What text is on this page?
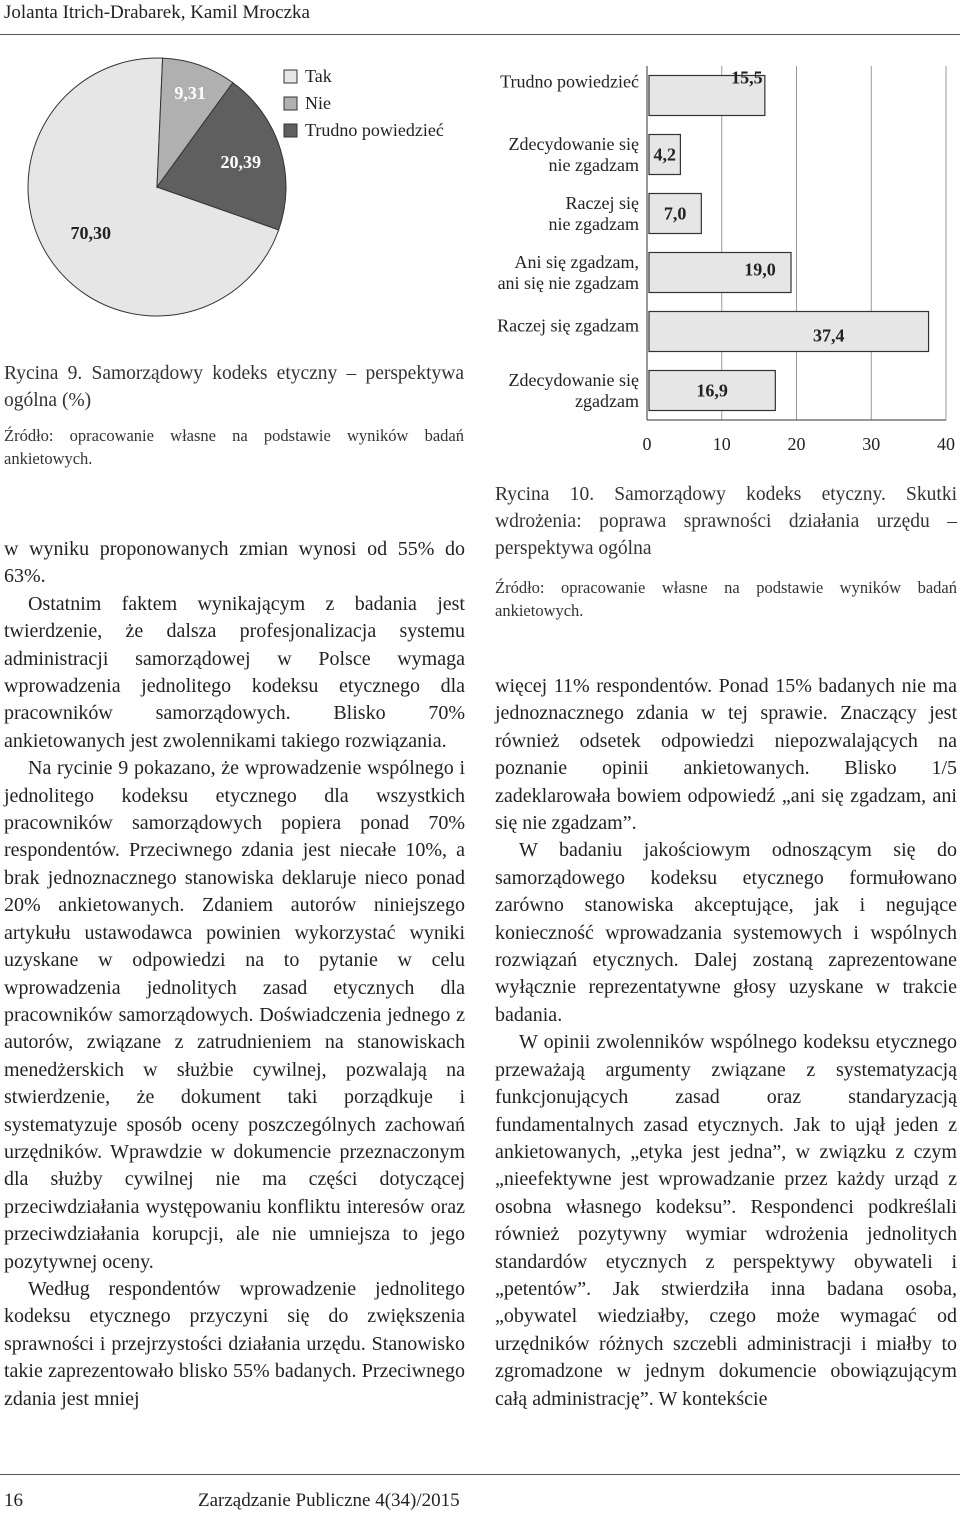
Jolanta Itrich-Drabarek, Kamil Mroczka
70,30
9,31
20,39
Tak
Nie
Trudno powiedzieć
Rycina 9. Samorządowy kodeks etyczny – perspektywa ogólna (%)
Źródło: opracowanie własne na podstawie wyników badań ankietowych.
0	10	20	30	40
15,5
Trudno powiedzieć
4,2
Zdecydowanie się
nie zgadzam
7,0
Raczej się
nie zgadzam
19,0
Ani się zgadzam,
ani się nie zgadzam
37,4
Raczej się zgadzam
16,9
Zdecydowanie się
zgadzam
Rycina 10. Samorządowy kodeks etyczny. Skutki wdrożenia: poprawa sprawności działania urzędu – perspektywa ogólna
Źródło: opracowanie własne na podstawie wyników badań ankietowych.

w wyniku proponowanych zmian wynosi od 55% do 63%.

Ostatnim faktem wynikającym z badania jest twierdzenie, że dalsza profesjonalizacja systemu administracji samorządowej w Polsce wymaga wprowadzenia jednolitego kodeksu etycznego dla pracowników samorządowych. Blisko 70% ankietowanych jest zwolennikami takiego rozwiązania.

Na rycinie 9 pokazano, że wprowadzenie wspólnego i jednolitego kodeksu etycznego dla wszystkich pracowników samorządowych popiera ponad 70% respondentów. Przeciwnego zdania jest niecałe 10%, a brak jednoznacznego stanowiska deklaruje nieco ponad 20% ankietowanych. Zdaniem autorów niniejszego artykułu ustawodawca powinien wykorzystać wyniki uzyskane w odpowiedzi na to pytanie w celu wprowadzenia jednolitych zasad etycznych dla pracowników samorządowych. Doświadczenia jednego z autorów, związane z zatrudnieniem na stanowiskach menedżerskich w służbie cywilnej, pozwalają na stwierdzenie, że dokument taki porządkuje i systematyzuje sposób oceny poszczególnych zachowań urzędników. Wprawdzie w dokumencie przeznaczonym dla służby cywilnej nie ma części dotyczącej przeciwdziałania występowaniu konfliktu interesów oraz przeciwdziałania korupcji, ale nie umniejsza to jego pozytywnej oceny.

Według respondentów wprowadzenie jednolitego kodeksu etycznego przyczyni się do zwiększenia sprawności i przejrzystości działania urzędu. Stanowisko takie zaprezentowało blisko 55% badanych. Przeciwnego zdania jest mniej

więcej 11% respondentów. Ponad 15% badanych nie ma jednoznacznego zdania w tej sprawie. Znaczący jest również odsetek odpowiedzi niepozwalających na poznanie opinii ankietowanych. Blisko 1/5 zadeklarowała bowiem odpowiedź „ani się zgadzam, ani się nie zgadzam”.

W badaniu jakościowym odnoszącym się do samorządowego kodeksu etycznego formułowano zarówno stanowiska akceptujące, jak i negujące konieczność wprowadzania systemowych i wspólnych rozwiązań etycznych. Dalej zostaną zaprezentowane wyłącznie reprezentatywne głosy uzyskane w trakcie badania.

W opinii zwolenników wspólnego kodeksu etycznego przeważają argumenty związane z systematyzacją funkcjonujących zasad oraz standaryzacją fundamentalnych zasad etycznych. Jak to ujął jeden z ankietowanych, „etyka jest jedna”, w związku z czym „nieefektywne jest wprowadzanie przez każdy urząd z osobna własnego kodeksu”. Respondenci podkreślali również pozytywny wymiar wdrożenia jednolitych standardów etycznych z perspektywy obywateli i „petentów”. Jak stwierdziła inna badana osoba, „obywatel wiedziałby, czego może wymagać od urzędników różnych szczebli administracji i miałby to zgromadzone w jednym dokumencie obowiązującym całą administrację”. W kontekście

16	Zarządzanie Publiczne 4(34)/2015
